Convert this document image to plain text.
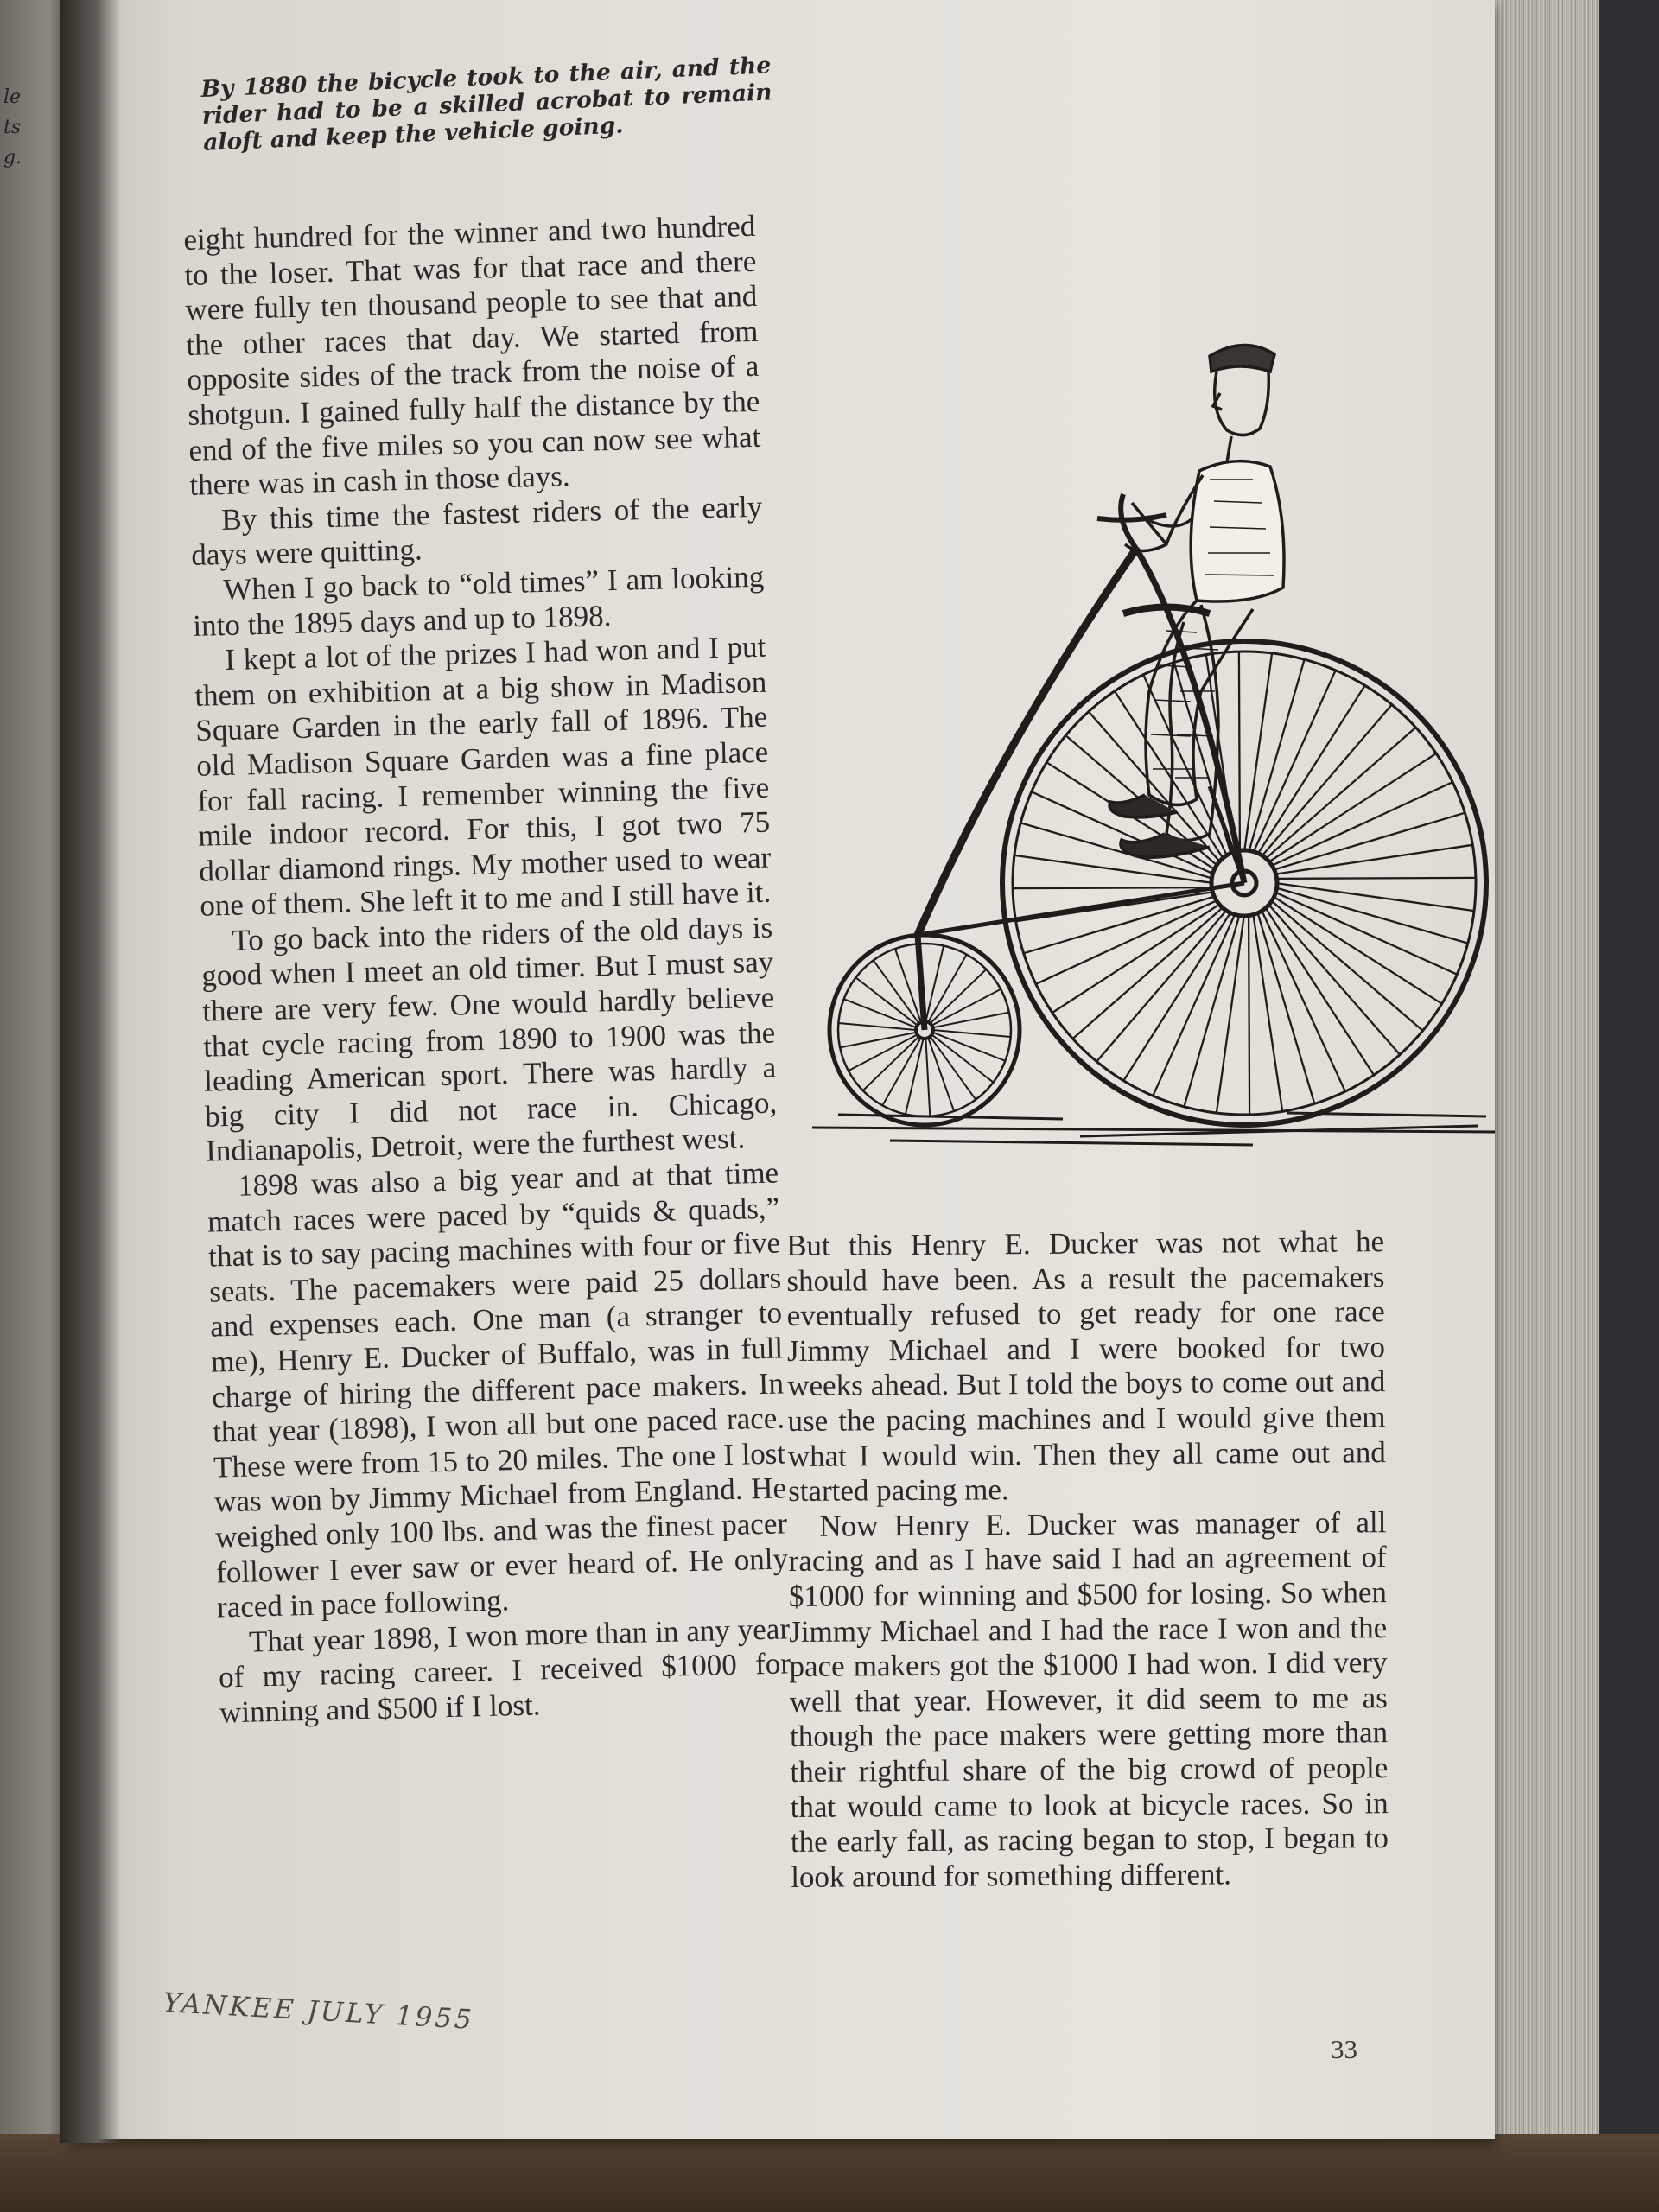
le
ts
g.
By 1880 the bicycle took to the air, and the rider had to be a skilled acrobat to remain aloft and keep the vehicle going.

eight hundred for the winner and two hundred to the loser. That was for that race and there were fully ten thousand people to see that and the other races that day. We started from opposite sides of the track from the noise of a shotgun. I gained fully half the distance by the end of the five miles so you can now see what there was in cash in those days.

By this time the fastest riders of the early days were quitting.

When I go back to “old times” I am looking into the 1895 days and up to 1898.

I kept a lot of the prizes I had won and I put them on exhibition at a big show in Madison Square Garden in the early fall of 1896. The old Madison Square Garden was a fine place for fall racing. I remember winning the five mile indoor record. For this, I got two 75 dollar diamond rings. My mother used to wear one of them. She left it to me and I still have it.

To go back into the riders of the old days is good when I meet an old timer. But I must say there are very few. One would hardly believe that cycle racing from 1890 to 1900 was the leading American sport. There was hardly a big city I did not race in. Chicago, Indianapolis, Detroit, were the furthest west.

1898 was also a big year and at that time match races were paced by “quids & quads,” that is to say pacing machines with four or five seats. The pacemakers were paid 25 dollars and expenses each. One man (a stranger to me), Henry E. Ducker of Buffalo, was in full charge of hiring the different pace makers. In that year (1898), I won all but one paced race. These were from 15 to 20 miles. The one I lost was won by Jimmy Michael from England. He weighed only 100 lbs. and was the finest pacer follower I ever saw or ever heard of. He only raced in pace following.

That year 1898, I won more than in any year of my racing career. I received $1000 for winning and $500 if I lost.

But this Henry E. Ducker was not what he should have been. As a result the pacemakers eventually refused to get ready for one race Jimmy Michael and I were booked for two weeks ahead. But I told the boys to come out and use the pacing machines and I would give them what I would win. Then they all came out and started pacing me.

Now Henry E. Ducker was manager of all racing and as I have said I had an agreement of $1000 for winning and $500 for losing. So when Jimmy Michael and I had the race I won and the pace makers got the $1000 I had won. I did very well that year. However, it did seem to me as though the pace makers were getting more than their rightful share of the big crowd of people that would came to look at bicycle races. So in the early fall, as racing began to stop, I began to look around for something different.

YANKEE JULY 1955
33
